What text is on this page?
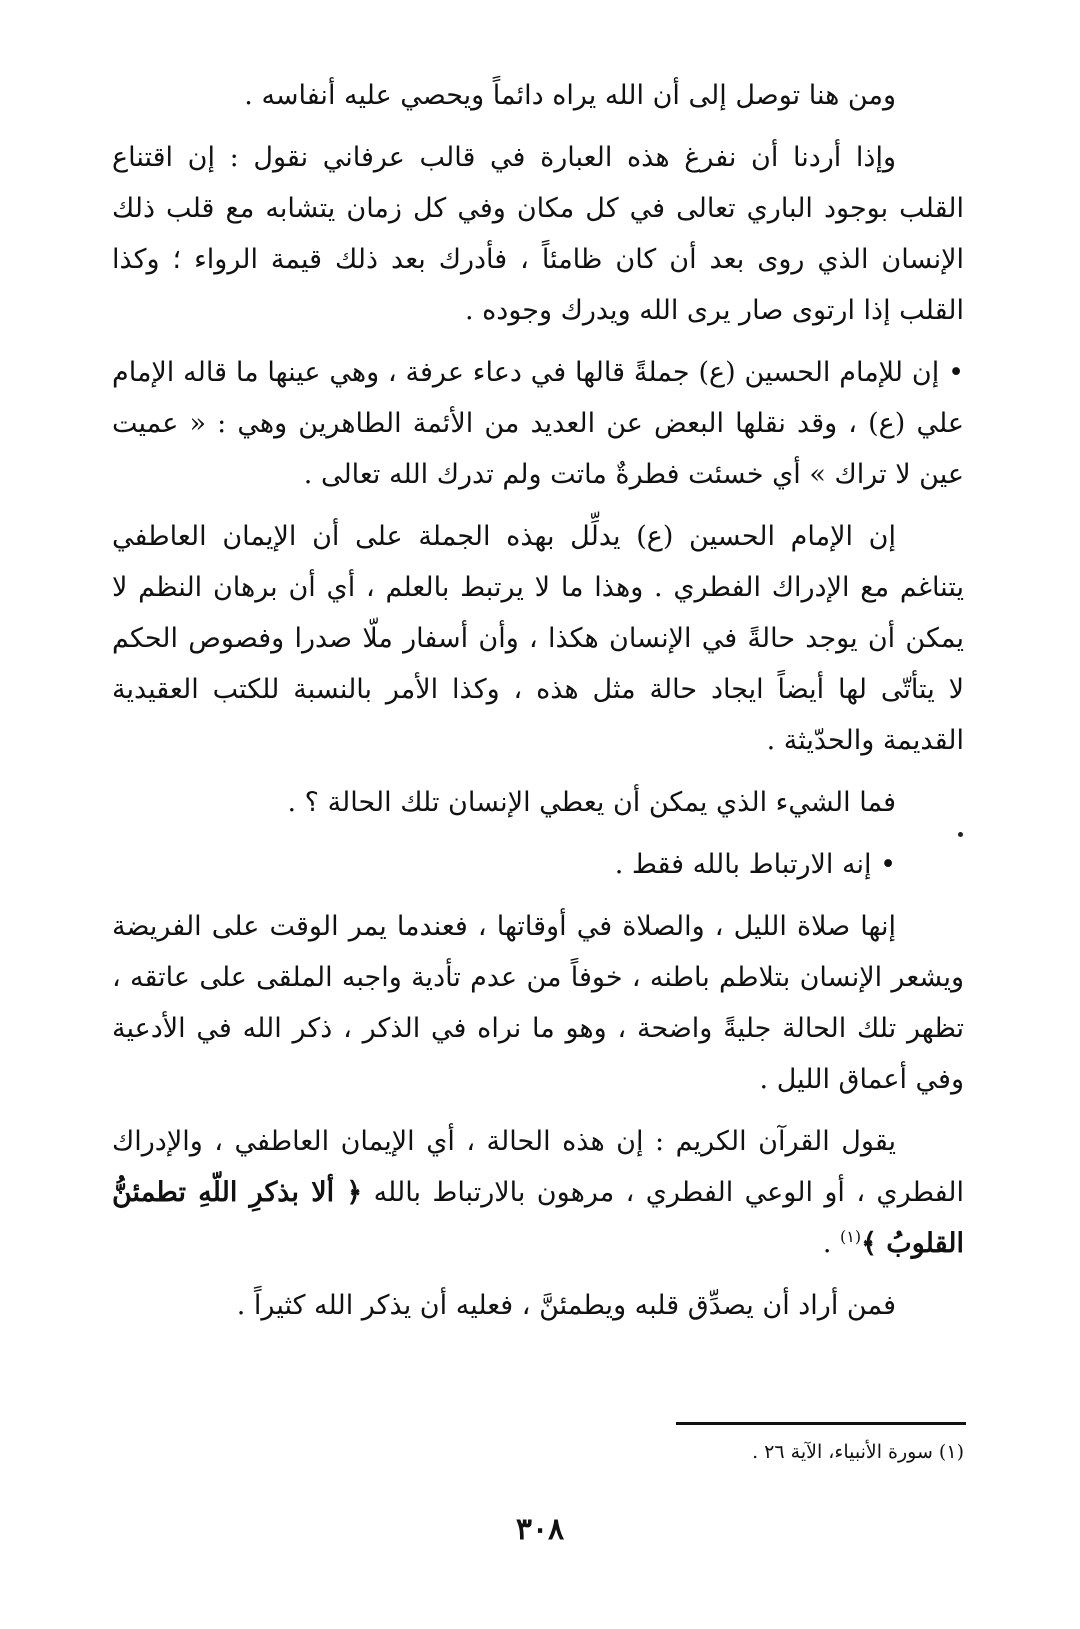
ومن هنا توصل إلى أن الله يراه دائماً ويحصي عليه أنفاسه .

وإذا أردنا أن نفرغ هذه العبارة في قالب عرفاني نقول : إن اقتناع القلب بوجود الباري تعالى في كل مكان وفي كل زمان يتشابه مع قلب ذلك الإنسان الذي روى بعد أن كان ظامئاً ، فأدرك بعد ذلك قيمة الرواء ؛ وكذا القلب إذا ارتوى صار يرى الله ويدرك وجوده .

• إن للإمام الحسين (ع) جملةً قالها في دعاء عرفة ، وهي عينها ما قاله الإمام علي (ع) ، وقد نقلها البعض عن العديد من الأئمة الطاهرين وهي : « عميت عين لا تراك » أي خسئت فطرةٌ ماتت ولم تدرك الله تعالى .

إن الإمام الحسين (ع) يدلِّل بهذه الجملة على أن الإيمان العاطفي يتناغم مع الإدراك الفطري . وهذا ما لا يرتبط بالعلم ، أي أن برهان النظم لا يمكن أن يوجد حالةً في الإنسان هكذا ، وأن أسفار ملّا صدرا وفصوص الحكم لا يتأتّى لها أيضاً ايجاد حالة مثل هذه ، وكذا الأمر بالنسبة للكتب العقيدية القديمة والحدّيثة .

فما الشيء الذي يمكن أن يعطي الإنسان تلك الحالة ؟ .

• إنه الارتباط بالله فقط .

إنها صلاة الليل ، والصلاة في أوقاتها ، فعندما يمر الوقت على الفريضة ويشعر الإنسان بتلاطم باطنه ، خوفاً من عدم تأدية واجبه الملقى على عاتقه ، تظهر تلك الحالة جليةً واضحة ، وهو ما نراه في الذكر ، ذكر الله في الأدعية وفي أعماق الليل .

يقول القرآن الكريم : إن هذه الحالة ، أي الإيمان العاطفي ، والإدراك الفطري ، أو الوعي الفطري ، مرهون بالارتباط بالله ﴿ ألا بذكرِ اللّهِ تطمئنُّ القلوبُ ﴾$^{(١)}$ .

فمن أراد أن يصدِّق قلبه ويطمئنَّ ، فعليه أن يذكر الله كثيراً .

(١) سورة الأنبياء، الآية ٢٦ .
٣٠٨
